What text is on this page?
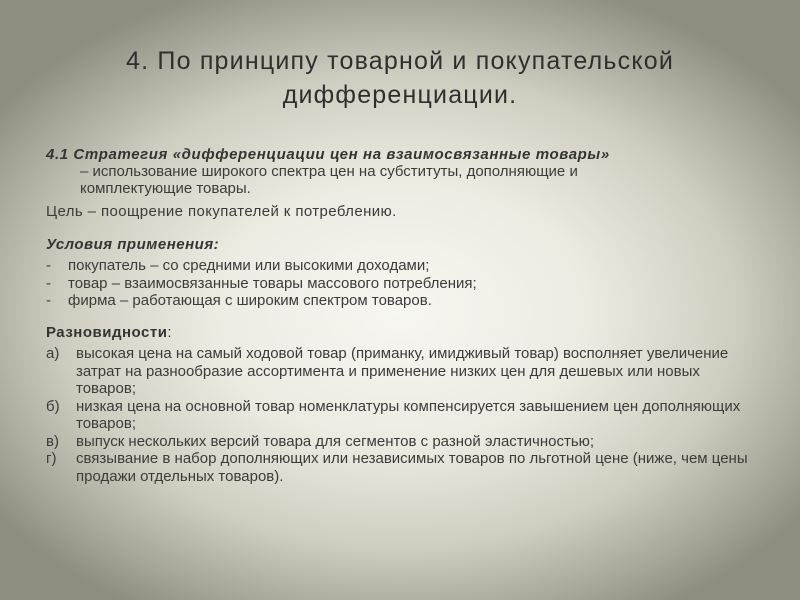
4. По принципу товарной и покупательской
дифференциации.
4.1 Стратегия «дифференциации цен на взаимосвязанные товары»
– использование широкого спектра цен на субституты, дополняющие и
комплектующие товары.
Цель – поощрение покупателей к потреблению.
Условия применения:
- покупатель – со средними или высокими доходами;
- товар – взаимосвязанные товары массового потребления;
- фирма – работающая с широким спектром товаров.
Разновидности:
а) высокая цена на самый ходовой товар (приманку, имидживый товар) восполняет увеличение затрат на разнообразие ассортимента и применение низких цен для дешевых или новых товаров;
б) низкая цена на основной товар номенклатуры компенсируется завышением цен дополняющих товаров;
в) выпуск нескольких версий товара для сегментов с разной эластичностью;
г) связывание в набор дополняющих или независимых товаров по льготной цене (ниже, чем цены продажи отдельных товаров).
